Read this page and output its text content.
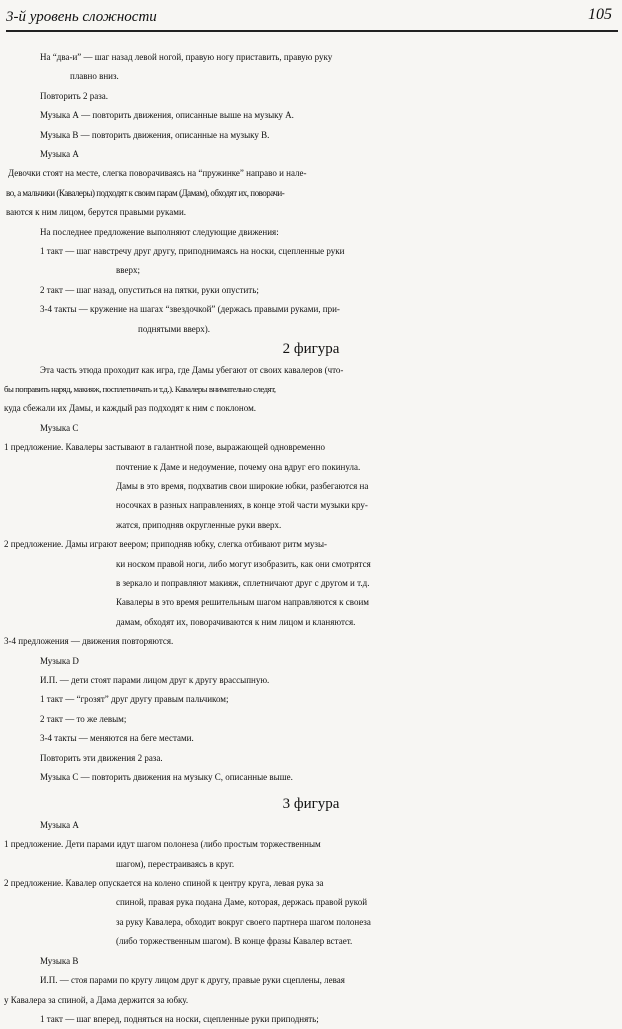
3-й уровень сложности	105
На “два-и” — шаг назад левой ногой, правую ногу приставить, правую руку
плавно вниз.
Повторить 2 раза.
Музыка А — повторить движения, описанные выше на музыку А.
Музыка В — повторить движения, описанные на музыку В.
Музыка А
Девочки стоят на месте, слегка поворачиваясь на “пружинке” направо и нале-
во, а мальчики (Кавалеры) подходят к своим парам (Дамам), обходят их, поворачи-
ваются к ним лицом, берутся правыми руками.
На последнее предложение выполняют следующие движения:
1 такт — шаг навстречу друг другу, приподнимаясь на носки, сцепленные руки
вверх;
2 такт — шаг назад, опуститься на пятки, руки опустить;
3-4 такты — кружение на шагах “звездочкой” (держась правыми руками, при-
поднятыми вверх).
2 фигура
Эта часть этюда проходит как игра, где Дамы убегают от своих кавалеров (что-
бы поправить наряд, макияж, посплетничать и т.д.). Кавалеры внимательно следят,
куда сбежали их Дамы, и каждый раз подходят к ним с поклоном.
Музыка С
1 предложение. Кавалеры застывают в галантной позе, выражающей одновременно
почтение к Даме и недоумение, почему она вдруг его покинула.
Дамы в это время, подхватив свои широкие юбки, разбегаются на
носочках в разных направлениях, в конце этой части музыки кру-
жатся, приподняв округленные руки вверх.
2 предложение. Дамы играют веером; приподняв юбку, слегка отбивают ритм музы-
ки носком правой ноги, либо могут изобразить, как они смотрятся
в зеркало и поправляют макияж, сплетничают друг с другом и т.д.
Кавалеры в это время решительным шагом направляются к своим
дамам, обходят их, поворачиваются к ним лицом и кланяются.
3-4 предложения — движения повторяются.
Музыка D
И.П. — дети стоят парами лицом друг к другу врассыпную.
1 такт — “грозят” друг другу правым пальчиком;
2 такт — то же левым;
3-4 такты — меняются на беге местами.
Повторить эти движения 2 раза.
Музыка С — повторить движения на музыку С, описанные выше.
3 фигура
Музыка А
1 предложение. Дети парами идут шагом полонеза (либо простым торжественным
шагом), перестраиваясь в круг.
2 предложение. Кавалер опускается на колено спиной к центру круга, левая рука за
спиной, правая рука подана Даме, которая, держась правой рукой
за руку Кавалера, обходит вокруг своего партнера шагом полонеза
(либо торжественным шагом). В конце фразы Кавалер встает.
Музыка В
И.П. — стоя парами по кругу лицом друг к другу, правые руки сцеплены, левая
у Кавалера за спиной, а Дама держится за юбку.
1 такт — шаг вперед, подняться на носки, сцепленные руки приподнять;
